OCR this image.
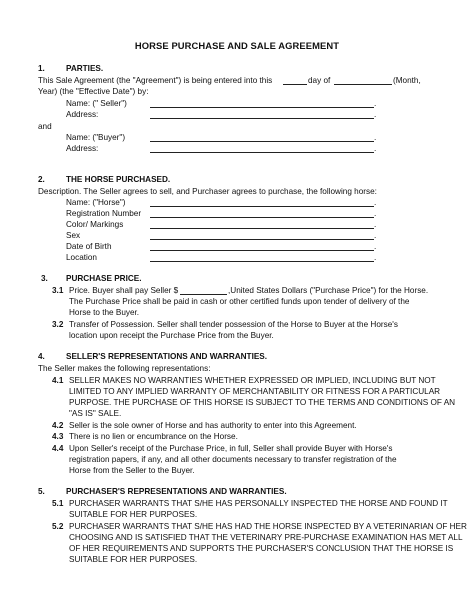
HORSE PURCHASE AND SALE AGREEMENT
1.	PARTIES.
This Sale Agreement (the "Agreement") is being entered into this	day of	(Month,
Year) (the "Effective Date") by:
Name: (" Seller")	.
Address:	.
and
Name: ("Buyer")	.
Address:	.
2.	THE HORSE PURCHASED.
Description. The Seller agrees to sell, and Purchaser agrees to purchase, the following horse:
Name: ("Horse")	.
Registration Number	.
Color/ Markings	.
Sex	.
Date of Birth	.
Location	.
3. PURCHASE PRICE.
3.1 Price. Buyer shall pay Seller $	,United States Dollars ("Purchase Price") for the Horse.
The Purchase Price shall be paid in cash or other certified funds upon tender of delivery of the
Horse to the Buyer.
3.2 Transfer of Possession. Seller shall tender possession of the Horse to Buyer at the Horse's
location upon receipt the Purchase Price from the Buyer.
4.	SELLER'S REPRESENTATIONS AND WARRANTIES.
The Seller makes the following representations:
4.1 SELLER MAKES NO WARRANTIES WHETHER EXPRESSED OR IMPLIED, INCLUDING BUT NOT
LIMITED TO ANY IMPLIED WARRANTY OF MERCHANTABILITY OR FITNESS FOR A PARTICULAR
PURPOSE. THE PURCHASE OF THIS HORSE IS SUBJECT TO THE TERMS AND CONDITIONS OF AN
"AS IS" SALE.
4.2 Seller is the sole owner of Horse and has authority to enter into this Agreement.
4.3 There is no lien or encumbrance on the Horse.
4.4 Upon Seller's receipt of the Purchase Price, in full, Seller shall provide Buyer with Horse's
registration papers, if any, and all other documents necessary to transfer registration of the
Horse from the Seller to the Buyer.
5.	PURCHASER'S REPRESENTATIONS AND WARRANTIES.
5.1 PURCHASER WARRANTS THAT S/HE HAS PERSONALLY INSPECTED THE HORSE AND FOUND IT
SUITABLE FOR HER PURPOSES.
5.2 PURCHASER WARRANTS THAT S/HE HAS HAD THE HORSE INSPECTED BY A VETERINARIAN OF HER
CHOOSING AND IS SATISFIED THAT THE VETERINARY PRE-PURCHASE EXAMINATION HAS MET ALL
OF HER REQUIREMENTS AND SUPPORTS THE PURCHASER'S CONCLUSION THAT THE HORSE IS
SUITABLE FOR HER PURPOSES.
